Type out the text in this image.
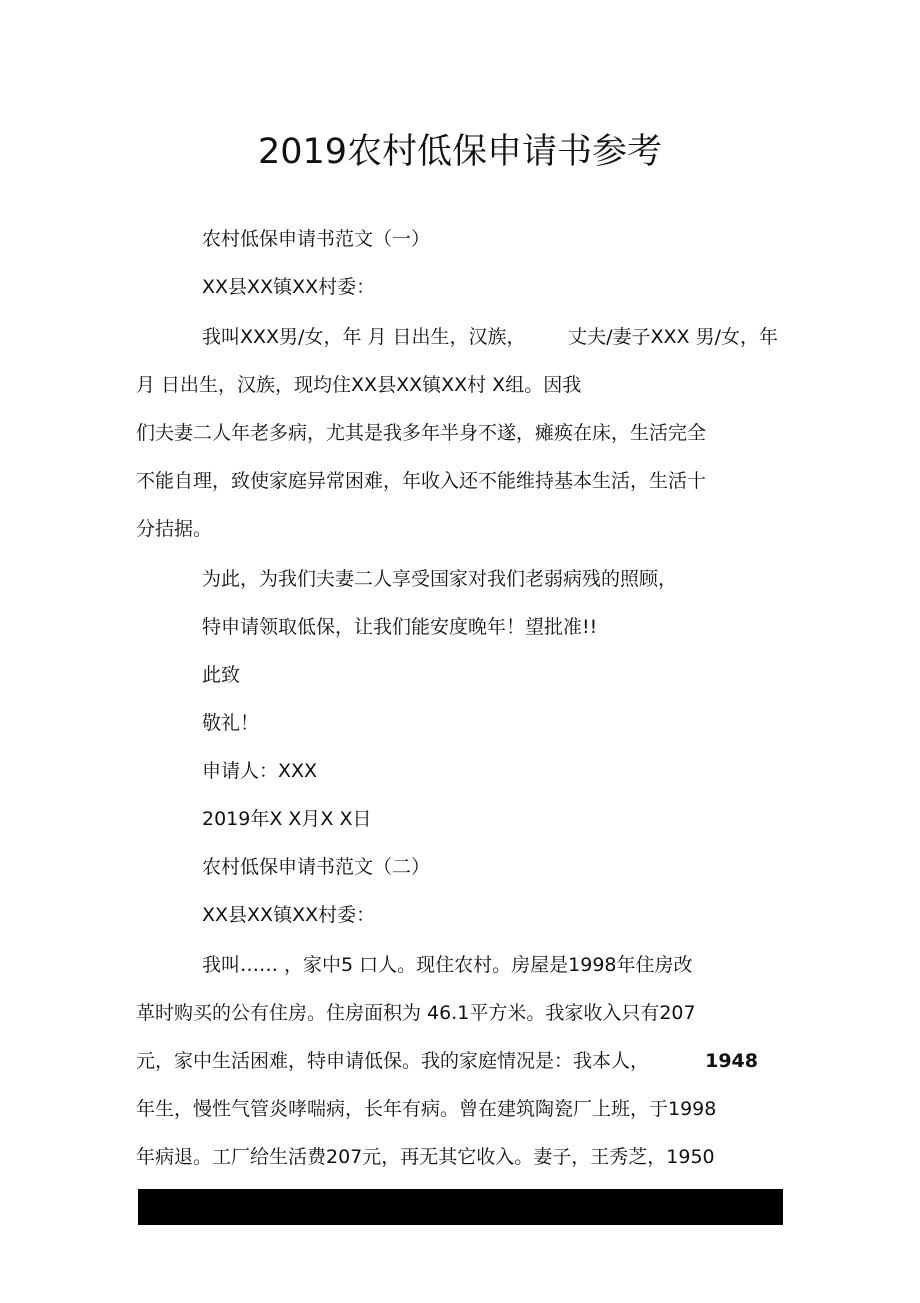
2019农村低保申请书参考
农村低保申请书范文（一）
XX县XX镇XX村委：
我叫XXX男/女，年 月 日出生，汉族， 丈夫/妻子XXX 男/女，年
月 日出生，汉族，现均住XX县XX镇XX村 X组。因我
们夫妻二人年老多病，尤其是我多年半身不遂，瘫痪在床，生活完全
不能自理，致使家庭异常困难，年收入还不能维持基本生活，生活十
分拮据。
为此，为我们夫妻二人享受国家对我们老弱病残的照顾，
特申请领取低保，让我们能安度晚年！望批准!!
此致
敬礼！
申请人：XXX
2019年X X月X X日
农村低保申请书范文（二）
XX县XX镇XX村委：
我叫…… ，家中5 口人。现住农村。房屋是1998年住房改
革时购买的公有住房。住房面积为 46.1平方米。我家收入只有207
元，家中生活困难，特申请低保。我的家庭情况是：我本人，	1948
年生，慢性气管炎哮喘病，长年有病。曾在建筑陶瓷厂上班，于1998
年病退。工厂给生活费207元，再无其它收入。妻子，王秀芝，1950
